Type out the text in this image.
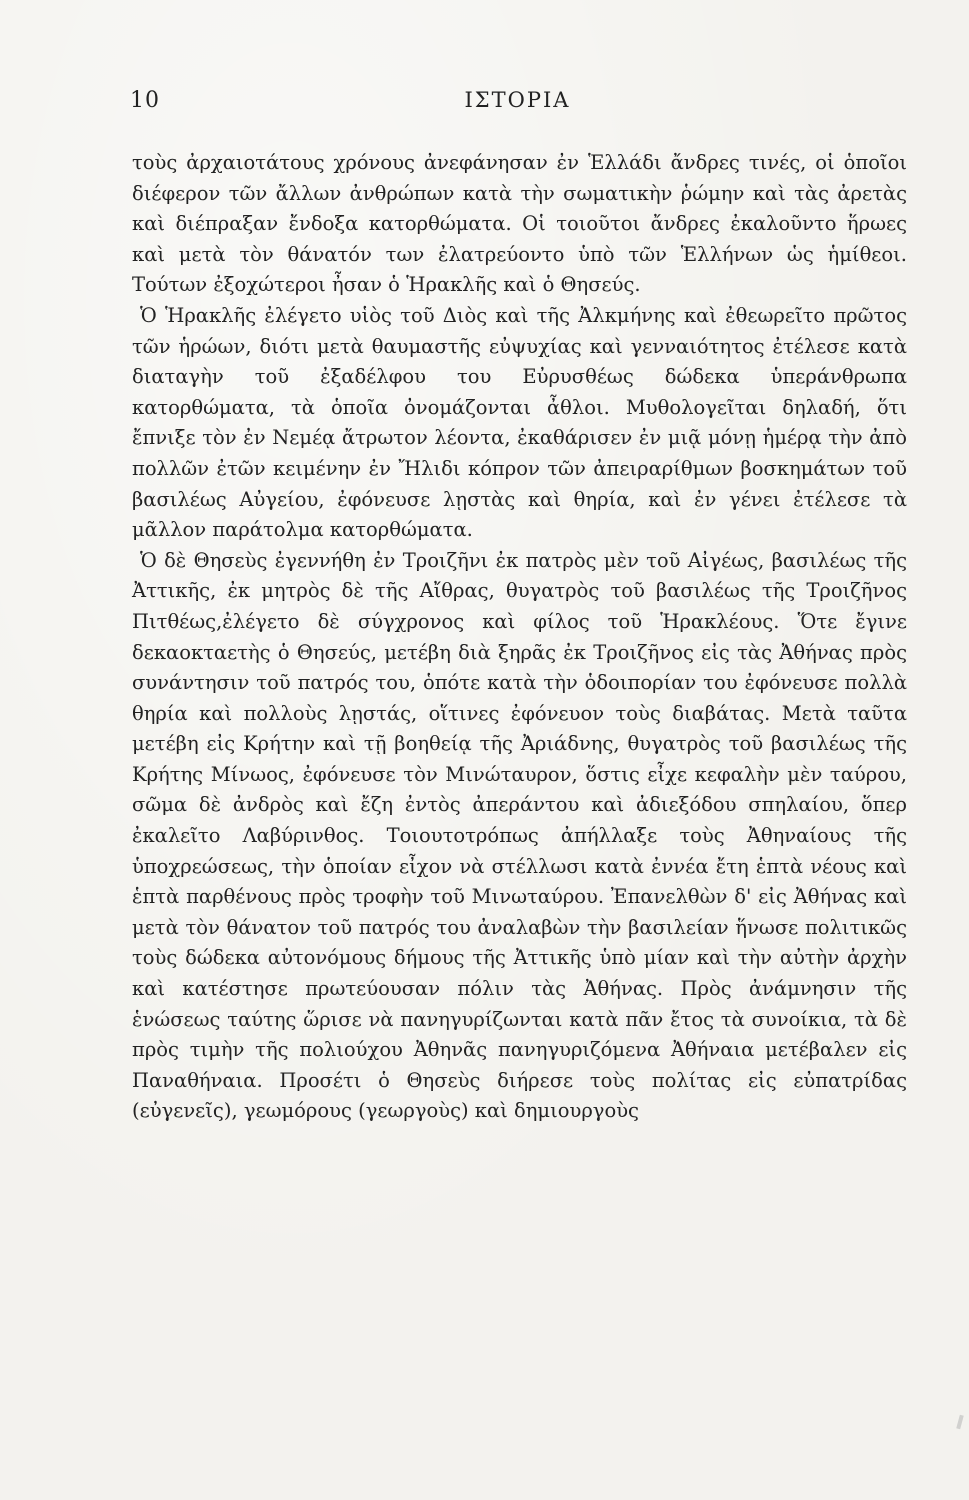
10	ΙΣΤΟΡΙΑ

τοὺς ἀρχαιοτάτους χρόνους ἀνεφάνησαν ἐν Ἑλλάδι ἄνδρες τινές, οἱ ὁποῖοι διέφερον τῶν ἄλλων ἀνθρώπων κατὰ τὴν σωματικὴν ῥώμην καὶ τὰς ἀρετὰς καὶ διέπραξαν ἔνδοξα κατορθώματα. Οἱ τοιοῦτοι ἄνδρες ἐκαλοῦντο ἥρωες καὶ μετὰ τὸν θάνατόν των ἐλατρεύοντο ὑπὸ τῶν Ἑλλήνων ὡς ἡμίθεοι. Τούτων ἐξοχώτεροι ἦσαν ὁ Ἡρακλῆς καὶ ὁ Θησεύς.

Ὁ Ἡρακλῆς ἐλέγετο υἱὸς τοῦ Διὸς καὶ τῆς Ἀλκμήνης καὶ ἐθεωρεῖτο πρῶτος τῶν ἡρώων, διότι μετὰ θαυμαστῆς εὐψυχίας καὶ γενναιότητος ἐτέλεσε κατὰ διαταγὴν τοῦ ἐξαδέλφου του Εὐρυσθέως δώδεκα ὑπεράνθρωπα κατορθώματα, τὰ ὁποῖα ὀνομάζονται ἆθλοι. Μυθολογεῖται δηλαδή, ὅτι ἔπνιξε τὸν ἐν Νεμέᾳ ἄτρωτον λέοντα, ἐκαθάρισεν ἐν μιᾷ μόνῃ ἡμέρᾳ τὴν ἀπὸ πολλῶν ἐτῶν κειμένην ἐν Ἤλιδι κόπρον τῶν ἀπειραρίθμων βοσκημάτων τοῦ βασιλέως Αὐγείου, ἐφόνευσε λῃστὰς καὶ θηρία, καὶ ἐν γένει ἐτέλεσε τὰ μᾶλλον παράτολμα κατορθώματα.

Ὁ δὲ Θησεὺς ἐγεννήθη ἐν Τροιζῆνι ἐκ πατρὸς μὲν τοῦ Αἰγέως, βασιλέως τῆς Ἀττικῆς, ἐκ μητρὸς δὲ τῆς Αἴθρας, θυγατρὸς τοῦ βασιλέως τῆς Τροιζῆνος Πιτθέως,ἐλέγετο δὲ σύγχρονος καὶ φίλος τοῦ Ἡρακλέους. Ὅτε ἔγινε δεκαοκταετὴς ὁ Θησεύς, μετέβη διὰ ξηρᾶς ἐκ Τροιζῆνος εἰς τὰς Ἀθήνας πρὸς συνάντησιν τοῦ πατρός του, ὁπότε κατὰ τὴν ὁδοιπορίαν του ἐφόνευσε πολλὰ θηρία καὶ πολλοὺς λῃστάς, οἵτινες ἐφόνευον τοὺς διαβάτας. Μετὰ ταῦτα μετέβη εἰς Κρήτην καὶ τῇ βοηθείᾳ τῆς Ἀριάδνης, θυγατρὸς τοῦ βασιλέως τῆς Κρήτης Μίνωος, ἐφόνευσε τὸν Μινώταυρον, ὅστις εἶχε κεφαλὴν μὲν ταύρου, σῶμα δὲ ἀνδρὸς καὶ ἔζη ἐντὸς ἀπεράντου καὶ ἀδιεξόδου σπηλαίου, ὅπερ ἐκαλεῖτο Λαβύρινθος. Τοιουτοτρόπως ἀπήλλαξε τοὺς Ἀθηναίους τῆς ὑποχρεώσεως, τὴν ὁποίαν εἶχον νὰ στέλλωσι κατὰ ἐννέα ἔτη ἑπτὰ νέους καὶ ἑπτὰ παρθένους πρὸς τροφὴν τοῦ Μινωταύρου. Ἐπανελθὼν δ' εἰς Ἀθήνας καὶ μετὰ τὸν θάνατον τοῦ πατρός του ἀναλαβὼν τὴν βασιλείαν ἥνωσε πολιτικῶς τοὺς δώδεκα αὐτονόμους δήμους τῆς Ἀττικῆς ὑπὸ μίαν καὶ τὴν αὐτὴν ἀρχὴν καὶ κατέστησε πρωτεύουσαν πόλιν τὰς Ἀθήνας. Πρὸς ἀνάμνησιν τῆς ἑνώσεως ταύτης ὥρισε νὰ πανηγυρίζωνται κατὰ πᾶν ἔτος τὰ συνοίκια, τὰ δὲ πρὸς τιμὴν τῆς πολιούχου Ἀθηνᾶς πανηγυριζόμενα Ἀθήναια μετέβαλεν εἰς Παναθήναια. Προσέτι ὁ Θησεὺς διήρεσε τοὺς πολίτας εἰς εὐπατρίδας (εὐγενεῖς), γεωμόρους (γεωργοὺς) καὶ δημιουργοὺς
